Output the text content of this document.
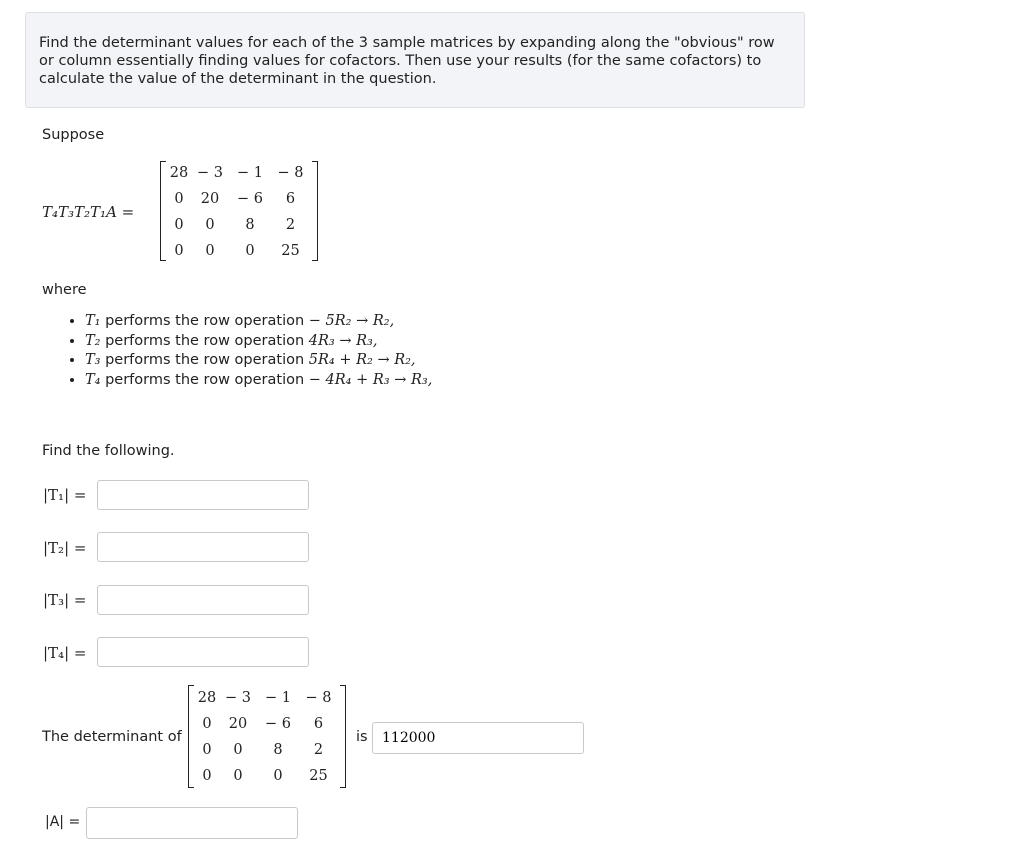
Find the determinant values for each of the 3 sample matrices by expanding along the "obvious" row or column essentially finding values for cofactors. Then use your results (for the same cofactors) to calculate the value of the determinant in the question.
Suppose
T₄T₃T₂T₁A =
28	− 3	− 1	− 8
0	20	− 6	6
0	0	8	2
0	0	0	25
where
• T₁ performs the row operation − 5R₂ → R₂,
• T₂ performs the row operation 4R₃ → R₃,
• T₃ performs the row operation 5R₄ + R₂ → R₂,
• T₄ performs the row operation − 4R₄ + R₃ → R₃,
Find the following.
|T₁| =
|T₂| =
|T₃| =
|T₄| =
The determinant of
28	− 3	− 1	− 8
0	20	− 6	6
0	0	8	2
0	0	0	25
is
112000
|A| =
